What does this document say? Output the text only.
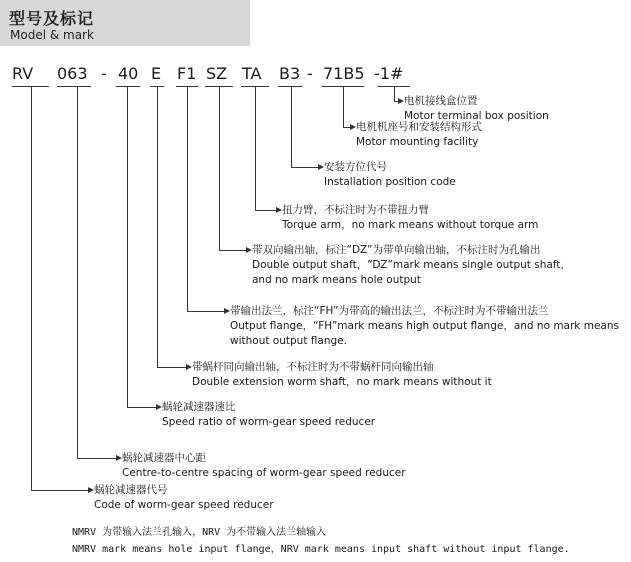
型号及标记
Model & mark
RV 063 - 40 E F1 SZ TA B3 - 71B5 -1#
电机接线盒位置
Motor terminal box position
电机机座号和安装结构形式
Motor mounting facility
安装方位代号
Installation position code
扭力臂，不标注时为不带扭力臂
Torque arm，no mark means without torque arm
带双向输出轴，标注“DZ”为带单向输出轴，不标注时为孔输出
Double output shaft，“DZ”mark means single output shaft，
and no mark means hole output
带输出法兰，标注“FH”为带高的输出法兰，不标注时为不带输出法兰
Output flange，“FH”mark means high output flange，and no mark means
without output flange.
带蜗杆同向输出轴，不标注时为不带蜗杆同向输出轴
Double extension worm shaft，no mark means without it
蜗轮减速器速比
Speed ratio of worm-gear speed reducer
蜗轮减速器中心距
Centre-to-centre spacing of worm-gear speed reducer
蜗轮减速器代号
Code of worm-gear speed reducer
NMRV 为带输入法兰孔输入，NRV 为不带输入法兰轴输入
NMRV mark means hole input flange，NRV mark means input shaft without input flange.
